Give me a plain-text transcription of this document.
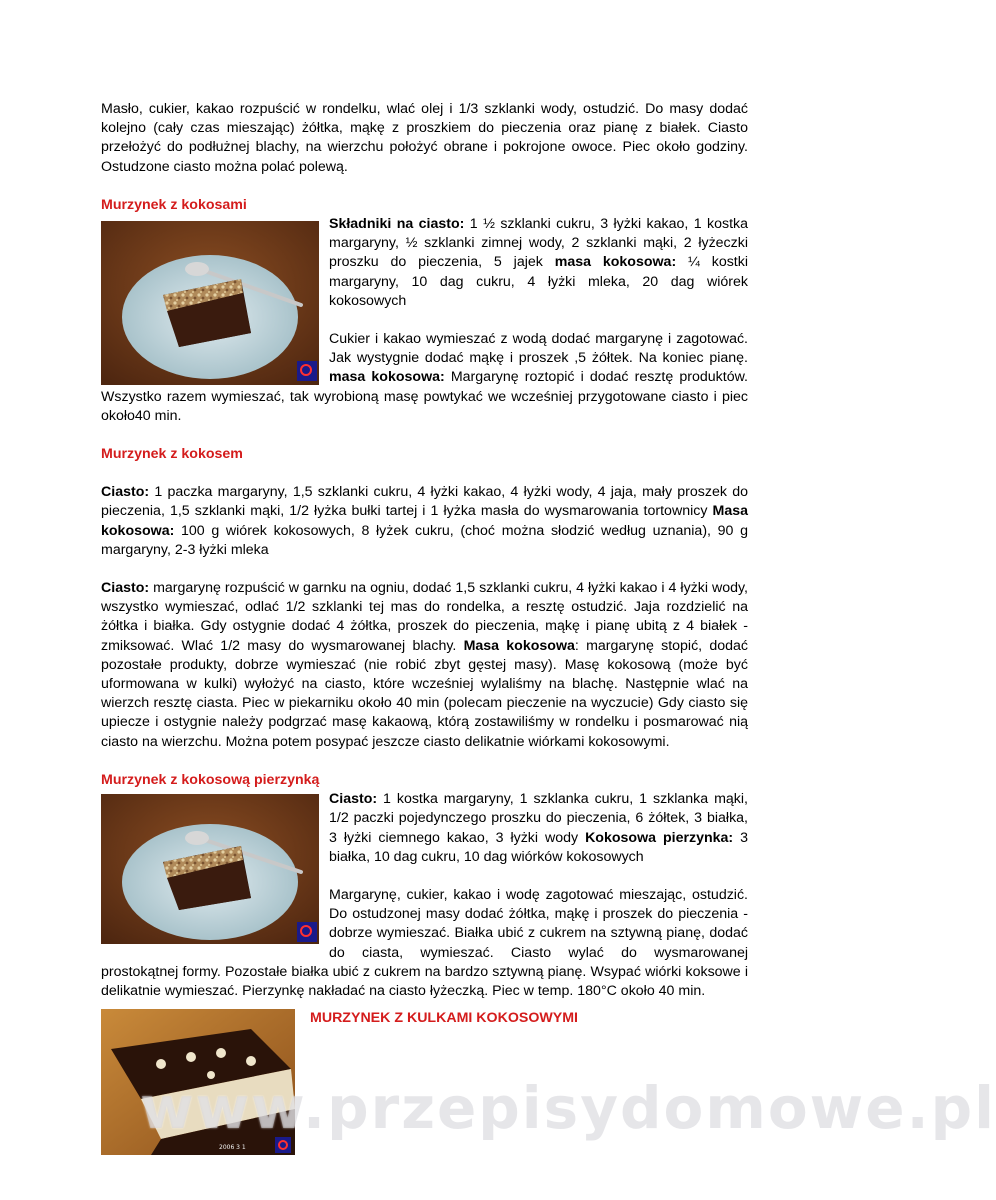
Masło, cukier, kakao rozpuścić w rondelku, wlać olej i 1/3 szklanki wody, ostudzić. Do masy dodać kolejno (cały czas mieszając) żółtka, mąkę z proszkiem do pieczenia oraz pianę z białek. Ciasto przełożyć do podłużnej blachy, na wierzchu położyć obrane i pokrojone owoce. Piec około godziny. Ostudzone ciasto można polać polewą.

Murzynek z kokosami

Składniki na ciasto: 1 ½ szklanki cukru, 3 łyżki kakao, 1 kostka margaryny, ½ szklanki zimnej wody, 2 szklanki mąki, 2 łyżeczki proszku do pieczenia, 5 jajek masa kokosowa: ¼ kostki margaryny, 10 dag cukru, 4 łyżki mleka, 20 dag wiórek kokosowych

Cukier i kakao wymieszać z wodą dodać margarynę i zagotować. Jak wystygnie dodać mąkę i proszek ,5 żółtek. Na koniec pianę. masa kokosowa: Margarynę roztopić i dodać resztę produktów. Wszystko razem wymieszać, tak wyrobioną masę powtykać we wcześniej przygotowane ciasto i piec około40 min.

Murzynek z kokosem

Ciasto: 1 paczka margaryny, 1,5 szklanki cukru, 4 łyżki kakao, 4 łyżki wody, 4 jaja, mały proszek do pieczenia, 1,5 szklanki mąki, 1/2 łyżka bułki tartej i 1 łyżka masła do wysmarowania tortownicy Masa kokosowa: 100 g wiórek kokosowych, 8 łyżek cukru, (choć można słodzić według uznania), 90 g margaryny, 2-3 łyżki mleka

Ciasto: margarynę rozpuścić w garnku na ogniu, dodać 1,5 szklanki cukru, 4 łyżki kakao i 4 łyżki wody, wszystko wymieszać, odlać 1/2 szklanki tej mas do rondelka, a resztę ostudzić. Jaja rozdzielić na żółtka i białka. Gdy ostygnie dodać 4 żółtka, proszek do pieczenia, mąkę i pianę ubitą z 4 białek - zmiksować. Wlać 1/2 masy do wysmarowanej blachy. Masa kokosowa: margarynę stopić, dodać pozostałe produkty, dobrze wymieszać (nie robić zbyt gęstej masy). Masę kokosową (może być uformowana w kulki) wyłożyć na ciasto, które wcześniej wylaliśmy na blachę. Następnie wlać na wierzch resztę ciasta. Piec w piekarniku około 40 min (polecam pieczenie na wyczucie) Gdy ciasto się upiecze i ostygnie należy podgrzać masę kakaową, którą zostawiliśmy w rondelku i posmarować nią ciasto na wierzchu. Można potem posypać jeszcze ciasto delikatnie wiórkami kokosowymi.

Murzynek z kokosową pierzynką

Ciasto: 1 kostka margaryny, 1 szklanka cukru, 1 szklanka mąki, 1/2 paczki pojedynczego proszku do pieczenia, 6 żółtek, 3 białka, 3 łyżki ciemnego kakao, 3 łyżki wody Kokosowa pierzynka: 3 białka, 10 dag cukru, 10 dag wiórków kokosowych

Margarynę, cukier, kakao i wodę zagotować mieszając, ostudzić. Do ostudzonej masy dodać żółtka, mąkę i proszek do pieczenia - dobrze wymieszać. Białka ubić z cukrem na sztywną pianę, dodać do ciasta, wymieszać. Ciasto wylać do wysmarowanej prostokątnej formy. Pozostałe białka ubić z cukrem na bardzo sztywną pianę. Wsypać wiórki koksowe i delikatnie wymieszać. Pierzynkę nakładać na ciasto łyżeczką. Piec w temp. 180°C około 40 min.

2006 3 1
MURZYNEK Z KULKAMI KOKOSOWYMI
www.przepisydomowe.pl
